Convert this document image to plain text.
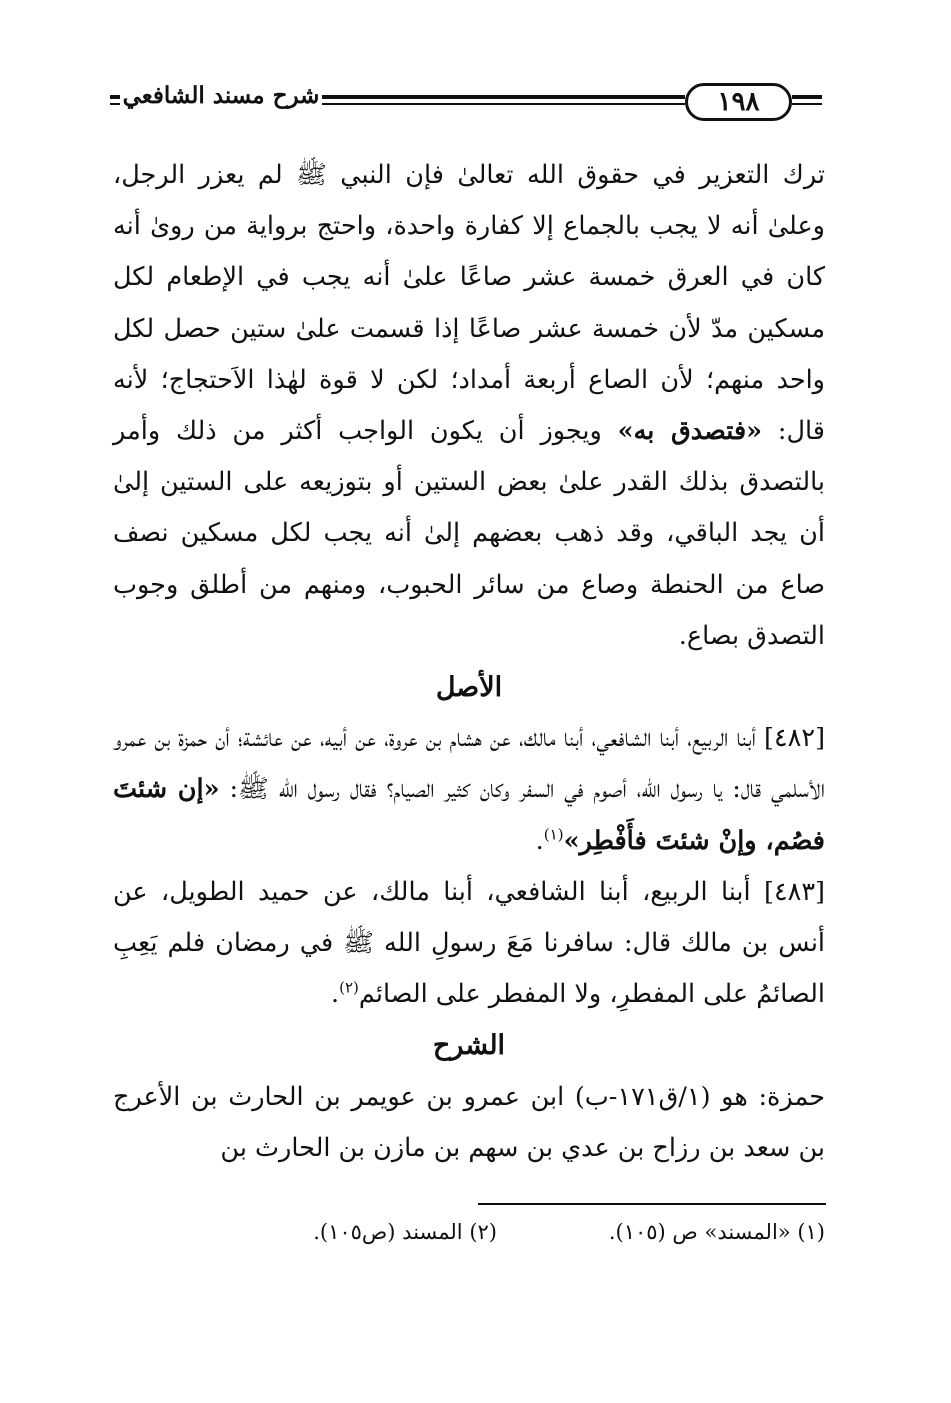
شرح مسند الشافعي	١٩٨

ترك التعزير في حقوق الله تعالىٰ فإن النبي ﷺ لم يعزر الرجل، وعلىٰ أنه لا يجب بالجماع إلا كفارة واحدة، واحتج برواية من روىٰ أنه كان في العرق خمسة عشر صاعًا علىٰ أنه يجب في الإطعام لكل مسكين مدّ لأن خمسة عشر صاعًا إذا قسمت علىٰ ستين حصل لكل واحد منهم؛ لأن الصاع أربعة أمداد؛ لكن لا قوة لهٰذا الاَحتجاج؛ لأنه قال: «فتصدق به» ويجوز أن يكون الواجب أكثر من ذلك وأمر بالتصدق بذلك القدر علىٰ بعض الستين أو بتوزيعه على الستين إلىٰ أن يجد الباقي، وقد ذهب بعضهم إلىٰ أنه يجب لكل مسكين نصف صاع من الحنطة وصاع من سائر الحبوب، ومنهم من أطلق وجوب التصدق بصاع.

الأصل

[٤٨٢] أبنا الربيع، أبنا الشافعي، أبنا مالك، عن هشام بن عروة، عن أبيه، عن عائشة؛ أن حمزة بن عمرو الأسلمي قال: يا رسول الله، أصوم في السفر وكان كثير الصيام؟ فقال رسول الله ﷺ: «إن شئتَ فصُم، وإنْ شئتَ فأَفْطِر»$^{(١)}$.

[٤٨٣] أبنا الربيع، أبنا الشافعي، أبنا مالك، عن حميد الطويل، عن أنس بن مالك قال: سافرنا مَعَ رسولِ الله ﷺ في رمضان فلم يَعِبِ الصائمُ على المفطرِ، ولا المفطر على الصائم$^{(٢)}$.

الشرح

حمزة: هو (١/ق١٧١-ب) ابن عمرو بن عويمر بن الحارث بن الأعرج بن سعد بن رزاح بن عدي بن سهم بن مازن بن الحارث بن

(١) «المسند» ص (١٠٥).
(٢) المسند (ص١٠٥).
